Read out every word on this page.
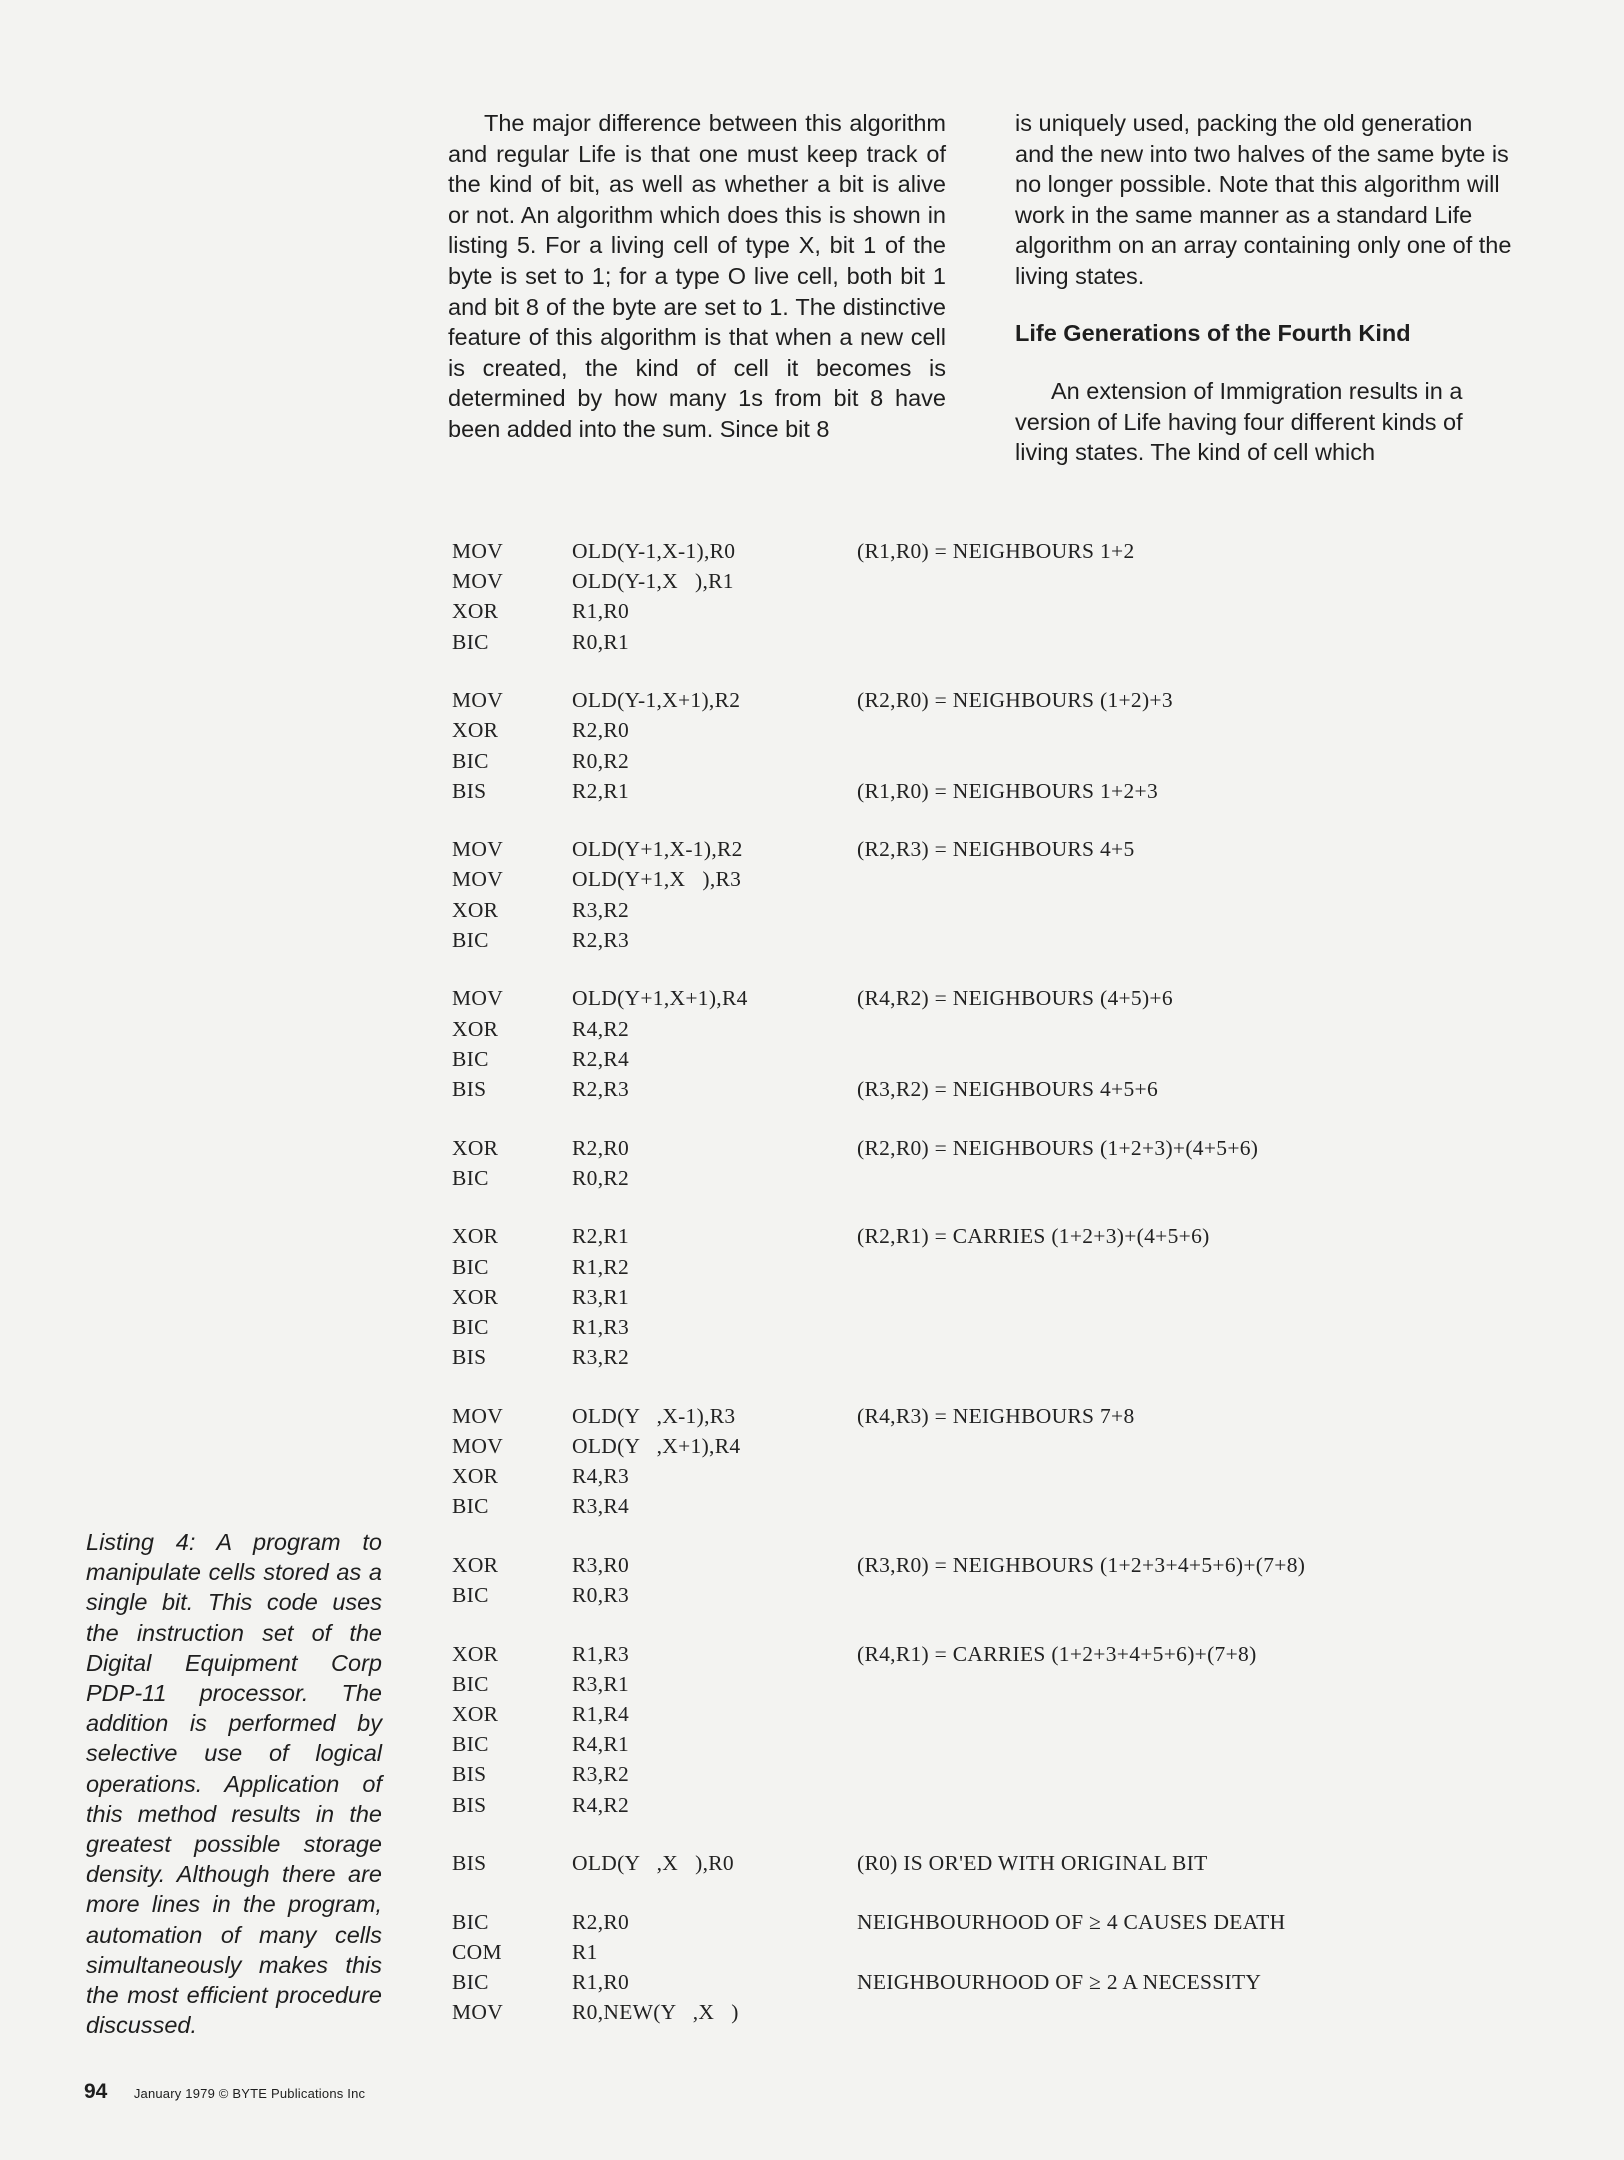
The major difference between this algorithm and regular Life is that one must keep track of the kind of bit, as well as whether a bit is alive or not. An algorithm which does this is shown in listing 5. For a living cell of type X, bit 1 of the byte is set to 1; for a type O live cell, both bit 1 and bit 8 of the byte are set to 1. The distinctive feature of this algorithm is that when a new cell is created, the kind of cell it becomes is determined by how many 1s from bit 8 have been added into the sum. Since bit 8

is uniquely used, packing the old generation and the new into two halves of the same byte is no longer possible. Note that this algorithm will work in the same manner as a standard Life algorithm on an array containing only one of the living states.

Life Generations of the Fourth Kind

An extension of Immigration results in a version of Life having four different kinds of living states. The kind of cell which

MOV	OLD(Y-1,X-1),R0	(R1,R0) = NEIGHBOURS 1+2
MOV	OLD(Y-1,X   ),R1
XOR	R1,R0
BIC	R0,R1
MOV	OLD(Y-1,X+1),R2	(R2,R0) = NEIGHBOURS (1+2)+3
XOR	R2,R0
BIC	R0,R2
BIS	R2,R1	(R1,R0) = NEIGHBOURS 1+2+3
MOV	OLD(Y+1,X-1),R2	(R2,R3) = NEIGHBOURS 4+5
MOV	OLD(Y+1,X   ),R3
XOR	R3,R2
BIC	R2,R3
MOV	OLD(Y+1,X+1),R4	(R4,R2) = NEIGHBOURS (4+5)+6
XOR	R4,R2
BIC	R2,R4
BIS	R2,R3	(R3,R2) = NEIGHBOURS 4+5+6
XOR	R2,R0	(R2,R0) = NEIGHBOURS (1+2+3)+(4+5+6)
BIC	R0,R2
XOR	R2,R1	(R2,R1) = CARRIES (1+2+3)+(4+5+6)
BIC	R1,R2
XOR	R3,R1
BIC	R1,R3
BIS	R3,R2
MOV	OLD(Y   ,X-1),R3	(R4,R3) = NEIGHBOURS 7+8
MOV	OLD(Y   ,X+1),R4
XOR	R4,R3
BIC	R3,R4
XOR	R3,R0	(R3,R0) = NEIGHBOURS (1+2+3+4+5+6)+(7+8)
BIC	R0,R3
XOR	R1,R3	(R4,R1) = CARRIES (1+2+3+4+5+6)+(7+8)
BIC	R3,R1
XOR	R1,R4
BIC	R4,R1
BIS	R3,R2
BIS	R4,R2
BIS	OLD(Y   ,X   ),R0	(R0) IS OR'ED WITH ORIGINAL BIT
BIC	R2,R0	NEIGHBOURHOOD OF ≥ 4 CAUSES DEATH
COM	R1
BIC	R1,R0	NEIGHBOURHOOD OF ≥ 2 A NECESSITY
MOV	R0,NEW(Y   ,X   )
Listing 4: A program to manipulate cells stored as a single bit. This code uses the instruction set of the Digital Equipment Corp PDP-11 processor. The addition is performed by selective use of logical operations. Application of this method results in the greatest possible storage density. Although there are more lines in the program, automation of many cells simultaneously makes this the most efficient procedure discussed.
94 January 1979 © BYTE Publications Inc
